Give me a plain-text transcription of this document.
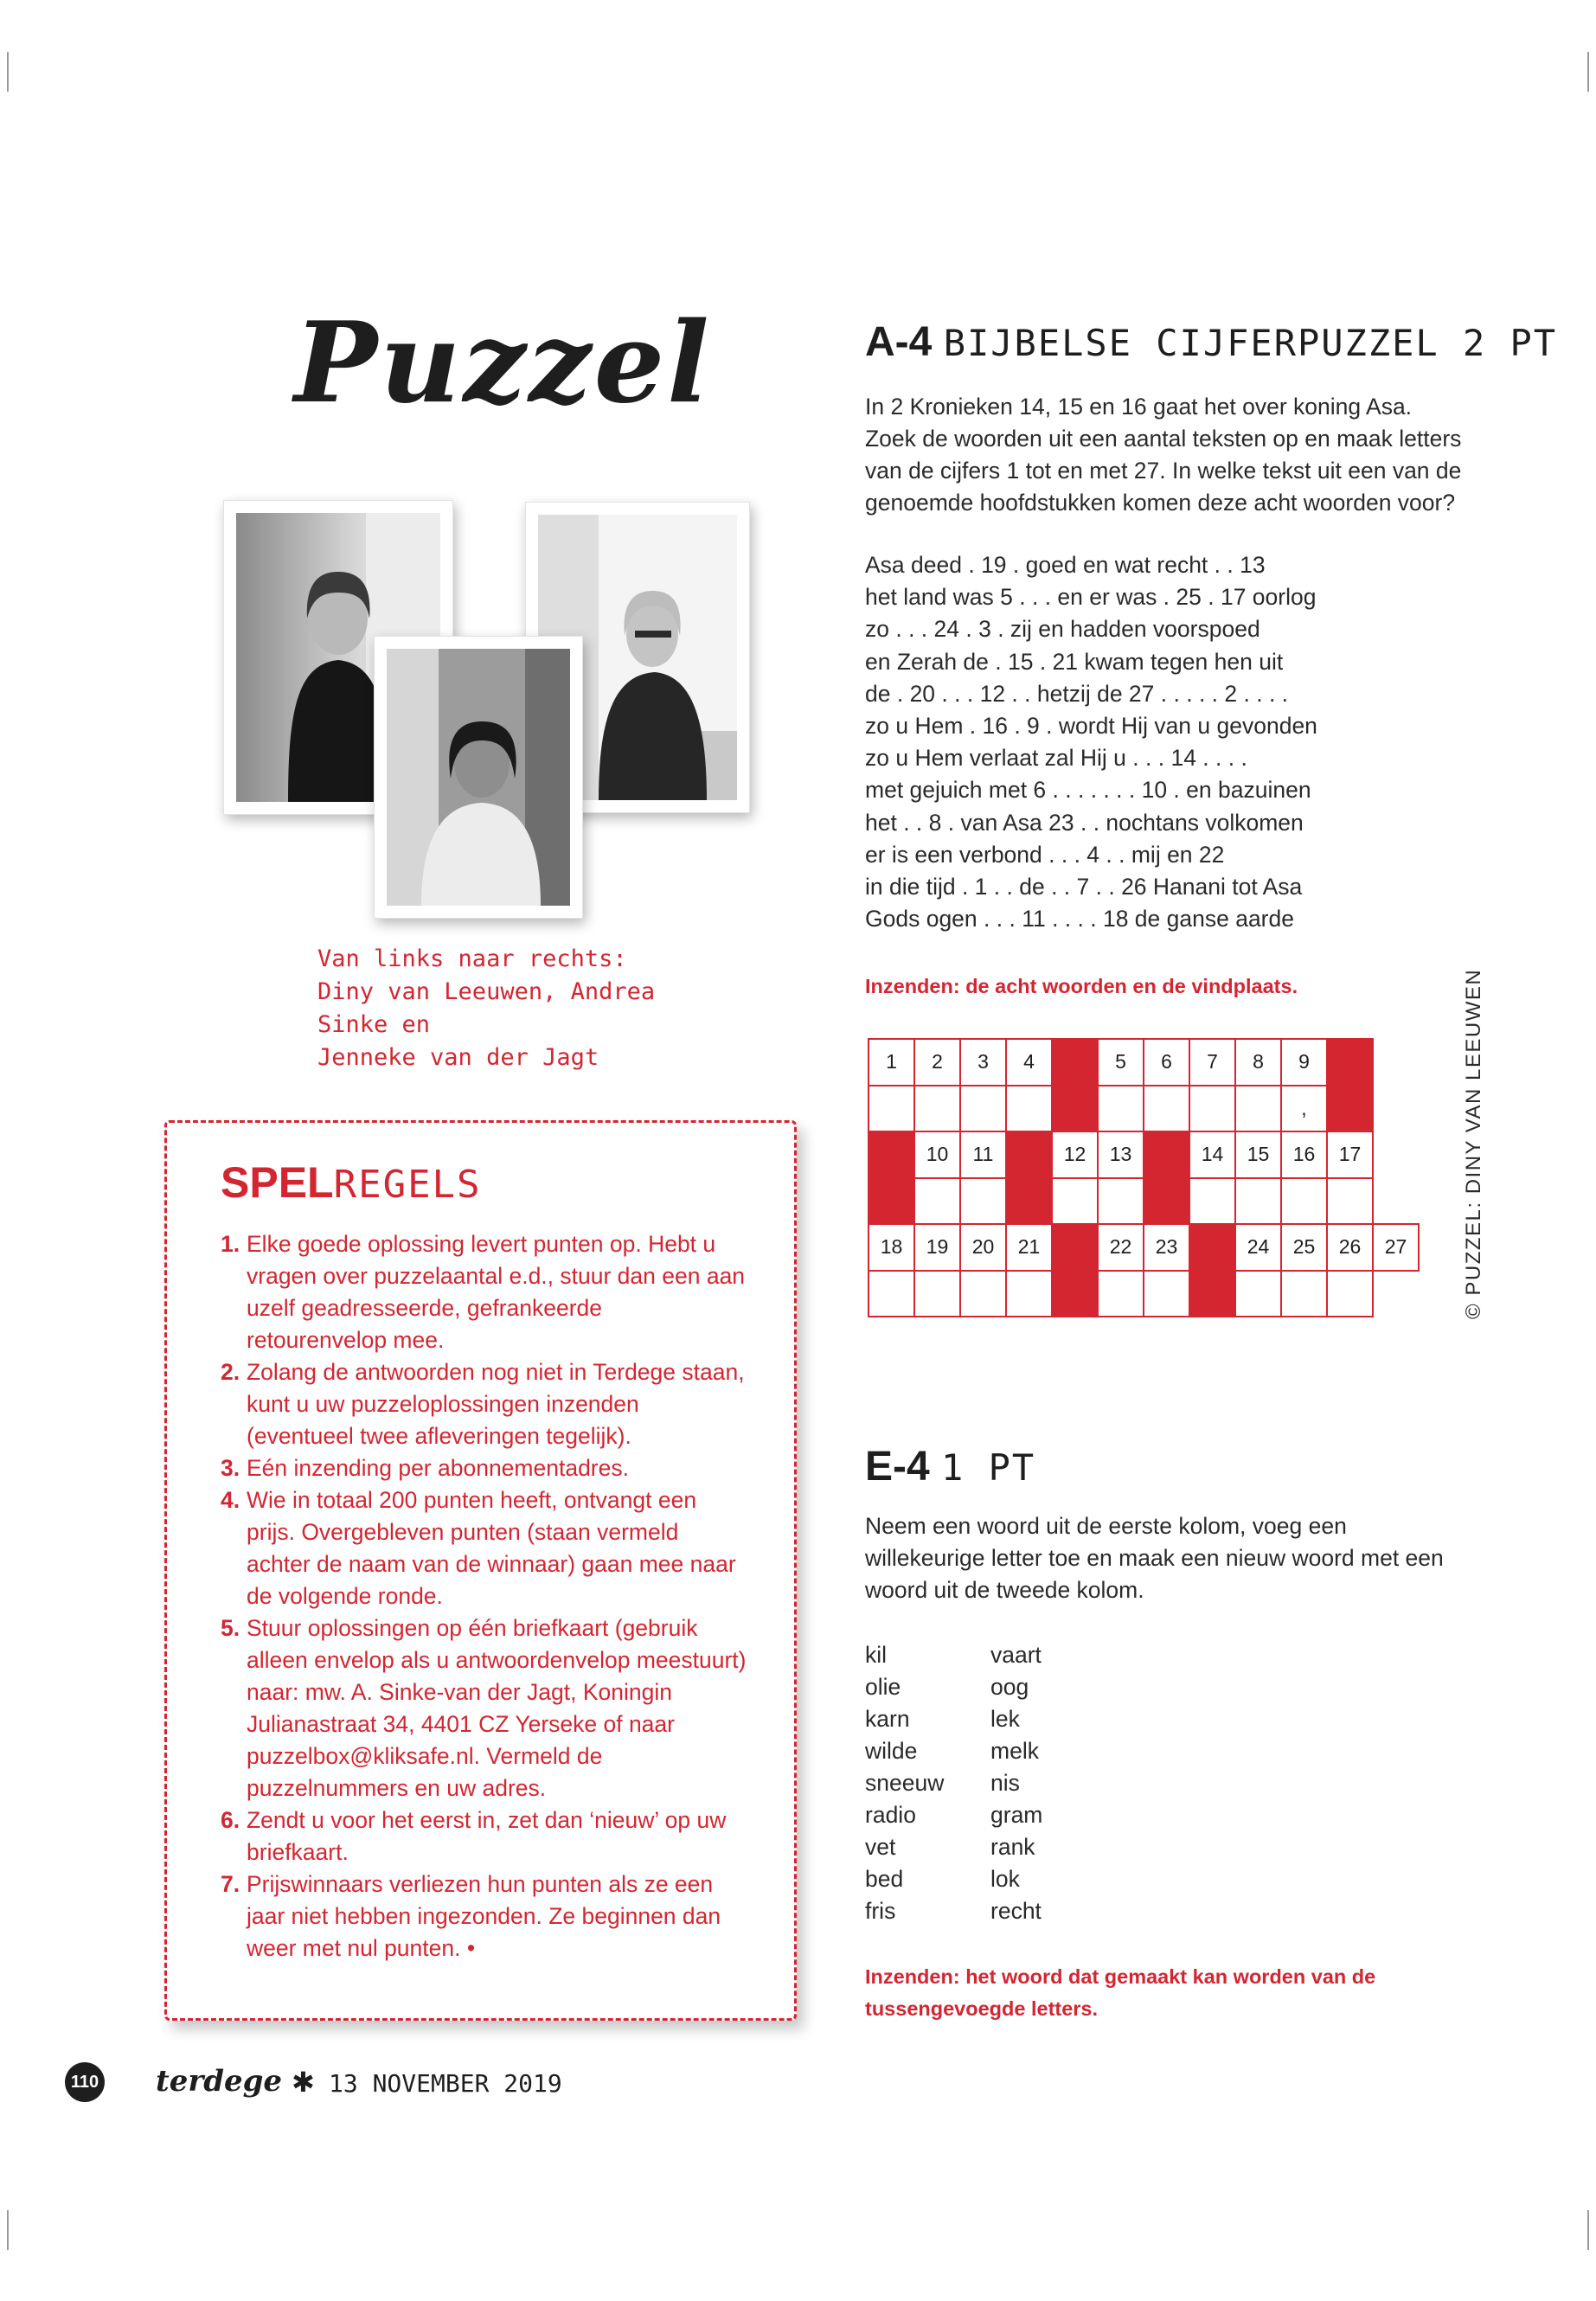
Puzzel
Van links naar rechts:
Diny van Leeuwen, Andrea Sinke en
Jenneke van der Jagt
SPELREGELS
1. Elke goede oplossing levert punten op. Hebt u vragen over puzzelaantal e.d., stuur dan een aan uzelf geadresseerde, gefrankeerde retourenvelop mee.
2. Zolang de antwoorden nog niet in Terdege staan, kunt u uw puzzeloplossingen inzenden (eventueel twee afleveringen tegelijk).
3. Eén inzending per abonnementadres.
4. Wie in totaal 200 punten heeft, ontvangt een prijs. Overgebleven punten (staan vermeld achter de naam van de winnaar) gaan mee naar de volgende ronde.
5. Stuur oplossingen op één briefkaart (gebruik alleen envelop als u antwoordenvelop meestuurt) naar: mw. A. Sinke-van der Jagt, Koningin Julianastraat 34, 4401 CZ Yerseke of naar puzzelbox@kliksafe.nl. Vermeld de puzzelnummers en uw adres.
6. Zendt u voor het eerst in, zet dan ‘nieuw’ op uw briefkaart.
7. Prijswinnaars verliezen hun punten als ze een jaar niet hebben ingezonden. Ze beginnen dan weer met nul punten. •
A-4 BIJBELSE CIJFERPUZZEL 2 PT

In 2 Kronieken 14, 15 en 16 gaat het over koning Asa. Zoek de woorden uit een aantal teksten op en maak letters van de cijfers 1 tot en met 27. In welke tekst uit een van de genoemde hoofdstukken komen deze acht woorden voor?

Asa deed . 19 . goed en wat recht . . 13
het land was 5 . . . en er was . 25 . 17 oorlog
zo . . . 24 . 3 . zij en hadden voorspoed
en Zerah de . 15 . 21 kwam tegen hen uit
de . 20 . . . 12 . . hetzij de 27 . . . . . 2 . . . .
zo u Hem . 16 . 9 . wordt Hij van u gevonden
zo u Hem verlaat zal Hij u . . . 14 . . . .
met gejuich met 6 . . . . . . . 10 . en bazuinen
het . . 8 . van Asa 23 . . nochtans volkomen
er is een verbond . . . 4 . . mij en 22
in die tijd . 1 . . de . . 7 . . 26 Hanani tot Asa
Gods ogen . . . 11 . . . . 18 de ganse aarde
Inzenden: de acht woorden en de vindplaats.
1	2	3	4		5	6	7	8	9		
									,		
	10	11		12	13		14	15	16	17	

18	19	20	21		22	23		24	25	26	27
											© PUZZEL: DINY VAN LEEUWEN
E-4 1 PT

Neem een woord uit de eerste kolom, voeg een willekeurige letter toe en maak een nieuw woord met een woord uit de tweede kolom.

kil	vaart
olie	oog
karn	lek
wilde	melk
sneeuw nis
radio	gram
vet	rank
bed	lok
fris	recht
Inzenden: het woord dat gemaakt kan worden van de
tussengevoegde letters.
110 terdege ✱ 13 NOVEMBER 2019
